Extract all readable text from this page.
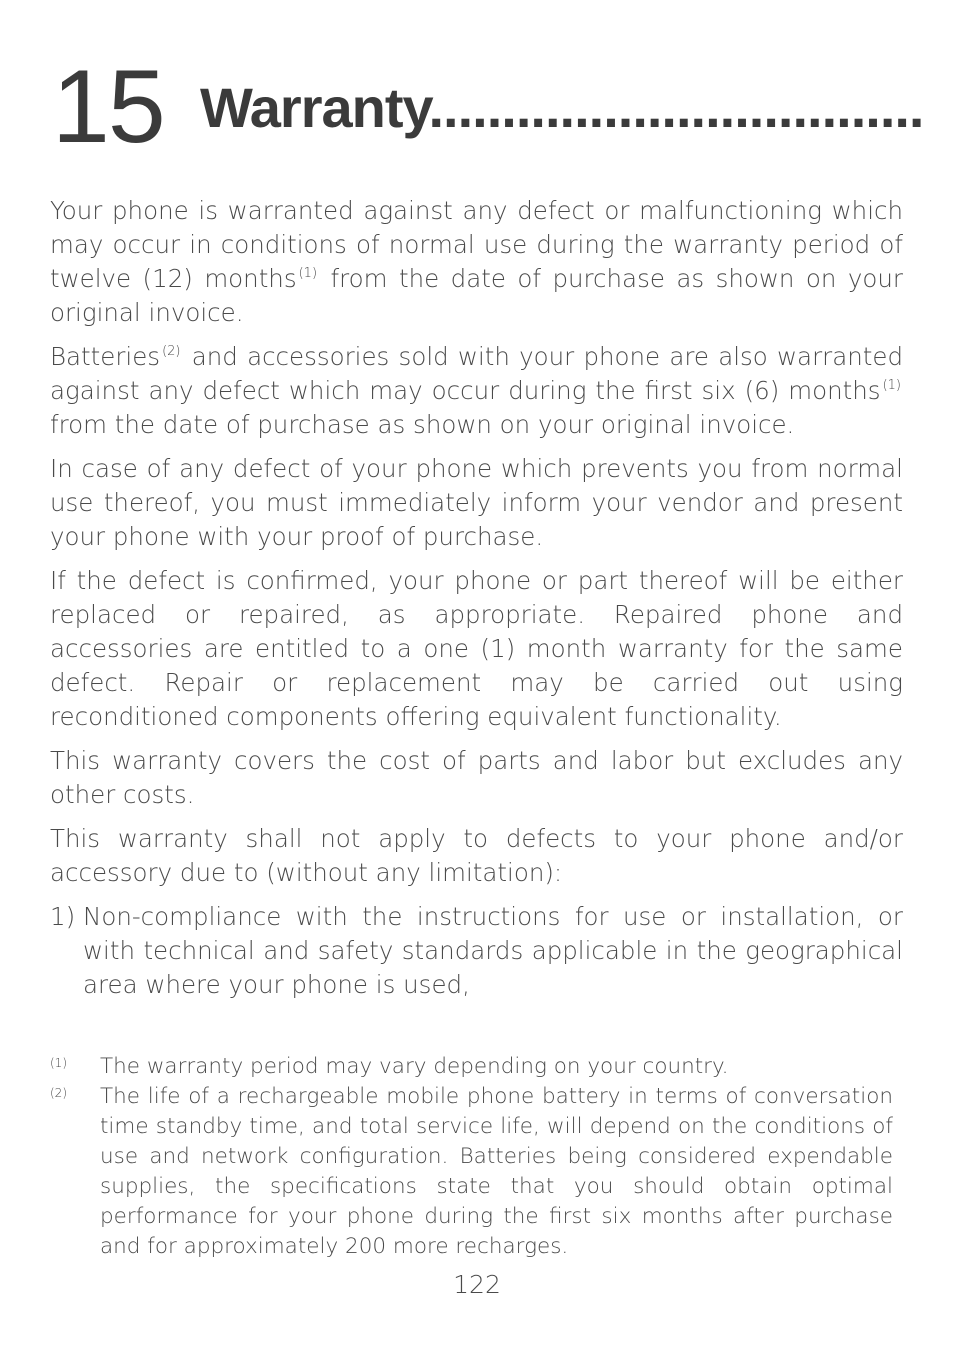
15 Warranty..................................

Your phone is warranted against any defect or malfunctioning which may occur in conditions of normal use during the warranty period of twelve (12) months $^{(1)}$ from the date of purchase as shown on your original invoice.

Batteries $^{(2)}$ and accessories sold with your phone are also warranted against any defect which may occur during the first six (6) months $^{(1)}$ from the date of purchase as shown on your original invoice.

In case of any defect of your phone which prevents you from normal use thereof, you must immediately inform your vendor and present your phone with your proof of purchase.

If the defect is confirmed, your phone or part thereof will be either replaced or repaired, as appropriate. Repaired phone and accessories are entitled to a one (1) month warranty for the same defect. Repair or replacement may be carried out using reconditioned components offering equivalent functionality.

This warranty covers the cost of parts and labor but excludes any other costs.

This warranty shall not apply to defects to your phone and/or accessory due to (without any limitation):

1) Non-compliance with the instructions for use or installation, or with technical and safety standards applicable in the geographical area where your phone is used,
(1)	The warranty period may vary depending on your country.
(2)	The life of a rechargeable mobile phone battery in terms of conversation time standby time, and total service life, will depend on the conditions of use and network configuration. Batteries being considered expendable supplies, the specifications state that you should obtain optimal performance for your phone during the first six months after purchase and for approximately 200 more recharges.
122
